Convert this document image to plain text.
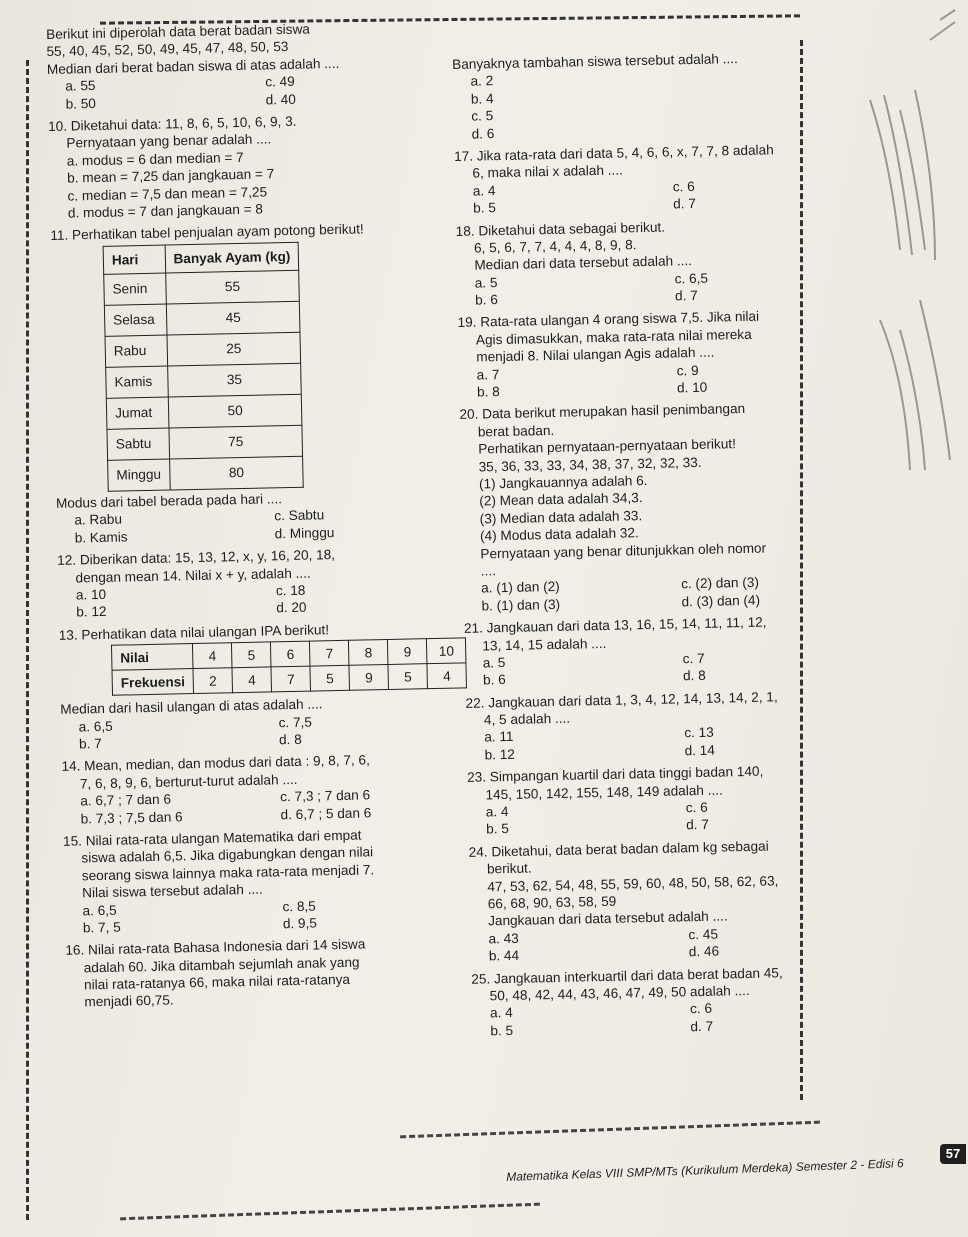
Berikut ini diperolah data berat badan siswa
55, 40, 45, 52, 50, 49, 45, 47, 48, 50, 53
Median dari berat badan siswa di atas adalah ....
a. 55	c. 49
b. 50	d. 40
10. Diketahui data: 11, 8, 6, 5, 10, 6, 9, 3.
Pernyataan yang benar adalah ....
a. modus = 6 dan median = 7
b. mean = 7,25 dan jangkauan = 7
c. median = 7,5 dan mean = 7,25
d. modus = 7 dan jangkauan = 8
11. Perhatikan tabel penjualan ayam potong berikut!
Hari	Banyak Ayam (kg)
Senin	55
Selasa	45
Rabu	25
Kamis	35
Jumat	50
Sabtu	75
Minggu	80
Modus dari tabel berada pada hari ....
a. Rabu	c. Sabtu
b. Kamis	d. Minggu
12. Diberikan data: 15, 13, 12, x, y, 16, 20, 18,
dengan mean 14. Nilai x + y, adalah ....
a. 10	c. 18
b. 12	d. 20
13. Perhatikan data nilai ulangan IPA berikut!
Nilai	4	5	6	7	8	9	10
Frekuensi	2	4	7	5	9	5	4
Median dari hasil ulangan di atas adalah ....
a. 6,5	c. 7,5
b. 7	d. 8
14. Mean, median, dan modus dari data : 9, 8, 7, 6,
7, 6, 8, 9, 6, berturut-turut adalah ....
a. 6,7 ; 7 dan 6	c. 7,3 ; 7 dan 6
b. 7,3 ; 7,5 dan 6	d. 6,7 ; 5 dan 6
15. Nilai rata-rata ulangan Matematika dari empat
siswa adalah 6,5. Jika digabungkan dengan nilai
seorang siswa lainnya maka rata-rata menjadi 7.
Nilai siswa tersebut adalah ....
a. 6,5	c. 8,5
b. 7, 5	d. 9,5
16. Nilai rata-rata Bahasa Indonesia dari 14 siswa
adalah 60. Jika ditambah sejumlah anak yang
nilai rata-ratanya 66, maka nilai rata-ratanya
menjadi 60,75.
Banyaknya tambahan siswa tersebut adalah ....
a. 2
b. 4
c. 5
d. 6
17. Jika rata-rata dari data 5, 4, 6, 6, x, 7, 7, 8 adalah
6, maka nilai x adalah ....
a. 4	c. 6
b. 5	d. 7
18. Diketahui data sebagai berikut.
6, 5, 6, 7, 7, 4, 4, 4, 8, 9, 8.
Median dari data tersebut adalah ....
a. 5	c. 6,5
b. 6	d. 7
19. Rata-rata ulangan 4 orang siswa 7,5. Jika nilai
Agis dimasukkan, maka rata-rata nilai mereka
menjadi 8. Nilai ulangan Agis adalah ....
a. 7	c. 9
b. 8	d. 10
20. Data berikut merupakan hasil penimbangan
berat badan.
Perhatikan pernyataan-pernyataan berikut!
35, 36, 33, 33, 34, 38, 37, 32, 32, 33.
(1) Jangkauannya adalah 6.
(2) Mean data adalah 34,3.
(3) Median data adalah 33.
(4) Modus data adalah 32.
Pernyataan yang benar ditunjukkan oleh nomor
....
a. (1) dan (2)	c. (2) dan (3)
b. (1) dan (3)	d. (3) dan (4)
21. Jangkauan dari data 13, 16, 15, 14, 11, 11, 12,
13, 14, 15 adalah ....
a. 5	c. 7
b. 6	d. 8
22. Jangkauan dari data 1, 3, 4, 12, 14, 13, 14, 2, 1,
4, 5 adalah ....
a. 11	c. 13
b. 12	d. 14
23. Simpangan kuartil dari data tinggi badan 140,
145, 150, 142, 155, 148, 149 adalah ....
a. 4	c. 6
b. 5	d. 7
24. Diketahui, data berat badan dalam kg sebagai
berikut.
47, 53, 62, 54, 48, 55, 59, 60, 48, 50, 58, 62, 63,
66, 68, 90, 63, 58, 59
Jangkauan dari data tersebut adalah ....
a. 43	c. 45
b. 44	d. 46
25. Jangkauan interkuartil dari data berat badan 45,
50, 48, 42, 44, 43, 46, 47, 49, 50 adalah ....
a. 4	c. 6
b. 5	d. 7
Matematika Kelas VIII SMP/MTs (Kurikulum Merdeka) Semester 2 - Edisi 6
57
